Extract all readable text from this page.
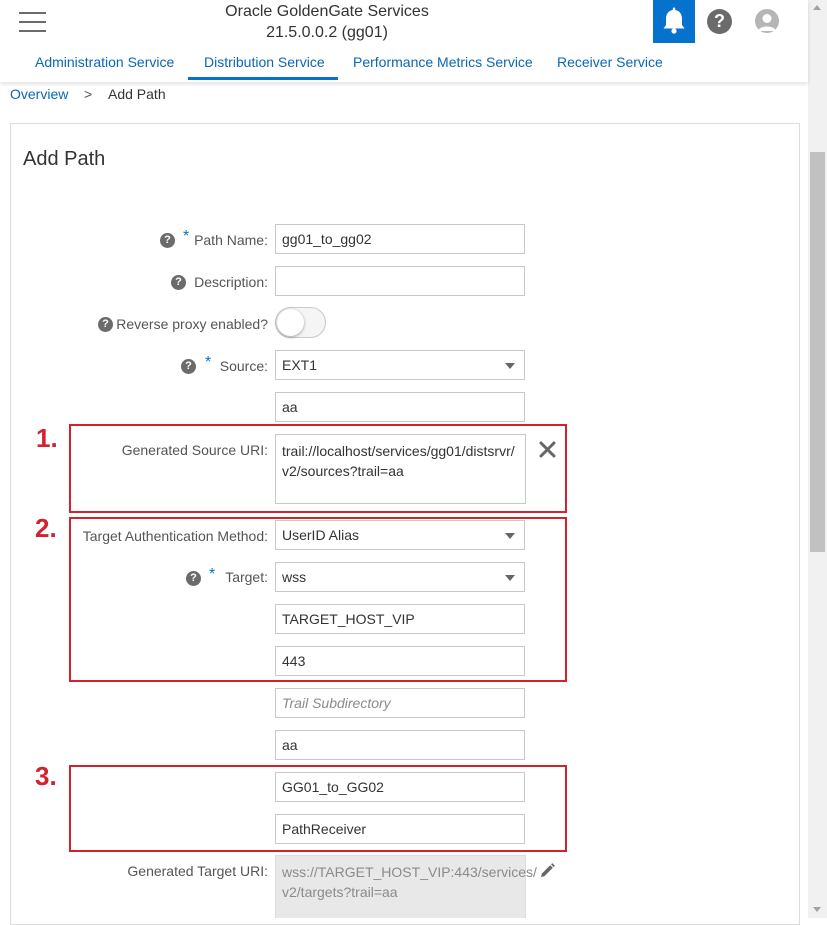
Oracle GoldenGate Services
21.5.0.0.2 (gg01)
?
Administration Service Distribution Service Performance Metrics Service Receiver Service
Overview > Add Path
Add Path
? * Path Name:
gg01_to_gg02
? Description:
? Reverse proxy enabled?
? * Source:	EXT1
aa
Generated Source URI: trail://localhost/services/gg01/distsrvr/
v2/sources?trail=aa
Target Authentication Method:	UserID Alias
? * Target:	wss
TARGET_HOST_VIP
443
Trail Subdirectory
aa
GG01_to_GG02
PathReceiver
Generated Target URI: wss://TARGET_HOST_VIP:443/services/
v2/targets?trail=aa
1.
2.
3.
